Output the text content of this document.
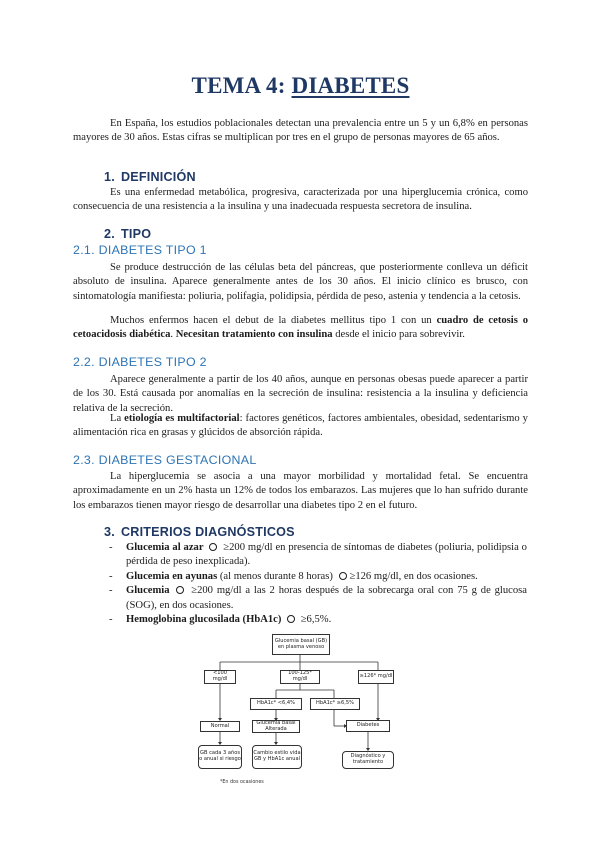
TEMA 4: DIABETES

En España, los estudios poblacionales detectan una prevalencia entre un 5 y un 6,8% en personas mayores de 30 años. Estas cifras se multiplican por tres en el grupo de personas mayores de 65 años.

1. DEFINICIÓN

Es una enfermedad metabólica, progresiva, caracterizada por una hiperglucemia crónica, como consecuencia de una resistencia a la insulina y una inadecuada respuesta secretora de insulina.

2. TIPO
2.1. DIABETES TIPO 1

Se produce destrucción de las células beta del páncreas, que posteriormente conlleva un déficit absoluto de insulina. Aparece generalmente antes de los 30 años. El inicio clínico es brusco, con sintomatología manifiesta: poliuria, polifagia, polidipsia, pérdida de peso, astenia y tendencia a la cetosis.

Muchos enfermos hacen el debut de la diabetes mellitus tipo 1 con un cuadro de cetosis o cetoacidosis diabética. Necesitan tratamiento con insulina desde el inicio para sobrevivir.

2.2. DIABETES TIPO 2

Aparece generalmente a partir de los 40 años, aunque en personas obesas puede aparecer a partir de los 30. Está causada por anomalías en la secreción de insulina: resistencia a la insulina y deficiencia relativa de la secreción.

La etiología es multifactorial: factores genéticos, factores ambientales, obesidad, sedentarismo y alimentación rica en grasas y glúcidos de absorción rápida.

2.3. DIABETES GESTACIONAL

La hiperglucemia se asocia a una mayor morbilidad y mortalidad fetal. Se encuentra aproximadamente en un 2% hasta un 12% de todos los embarazos. Las mujeres que lo han sufrido durante los embarazos tienen mayor riesgo de desarrollar una diabetes tipo 2 en el futuro.

3. CRITERIOS DIAGNÓSTICOS
- Glucemia al azar ≥200 mg/dl en presencia de síntomas de diabetes (poliuria, polidipsia o pérdida de peso inexplicada).
- Glucemia en ayunas (al menos durante 8 horas) ≥126 mg/dl, en dos ocasiones.
- Glucemia ≥200 mg/dl a las 2 horas después de la sobrecarga oral con 75 g de glucosa (SOG), en dos ocasiones.
- Hemoglobina glucosilada (HbA1c) ≥6,5%.
Glucemia basal (GB) en plasma venoso
<100 mg/dl
100-125* mg/dl	≥126* mg/dl
HbA1c* <6,4%	HbA1c* ≥6,5%
Normal	Glucemia basal Alterada
Diabetes
GB cada 3 años o anual si riesgo
Cambio estilo vida GB y HbA1c anual	Diagnóstico y tratamiento
*En dos ocasiones
